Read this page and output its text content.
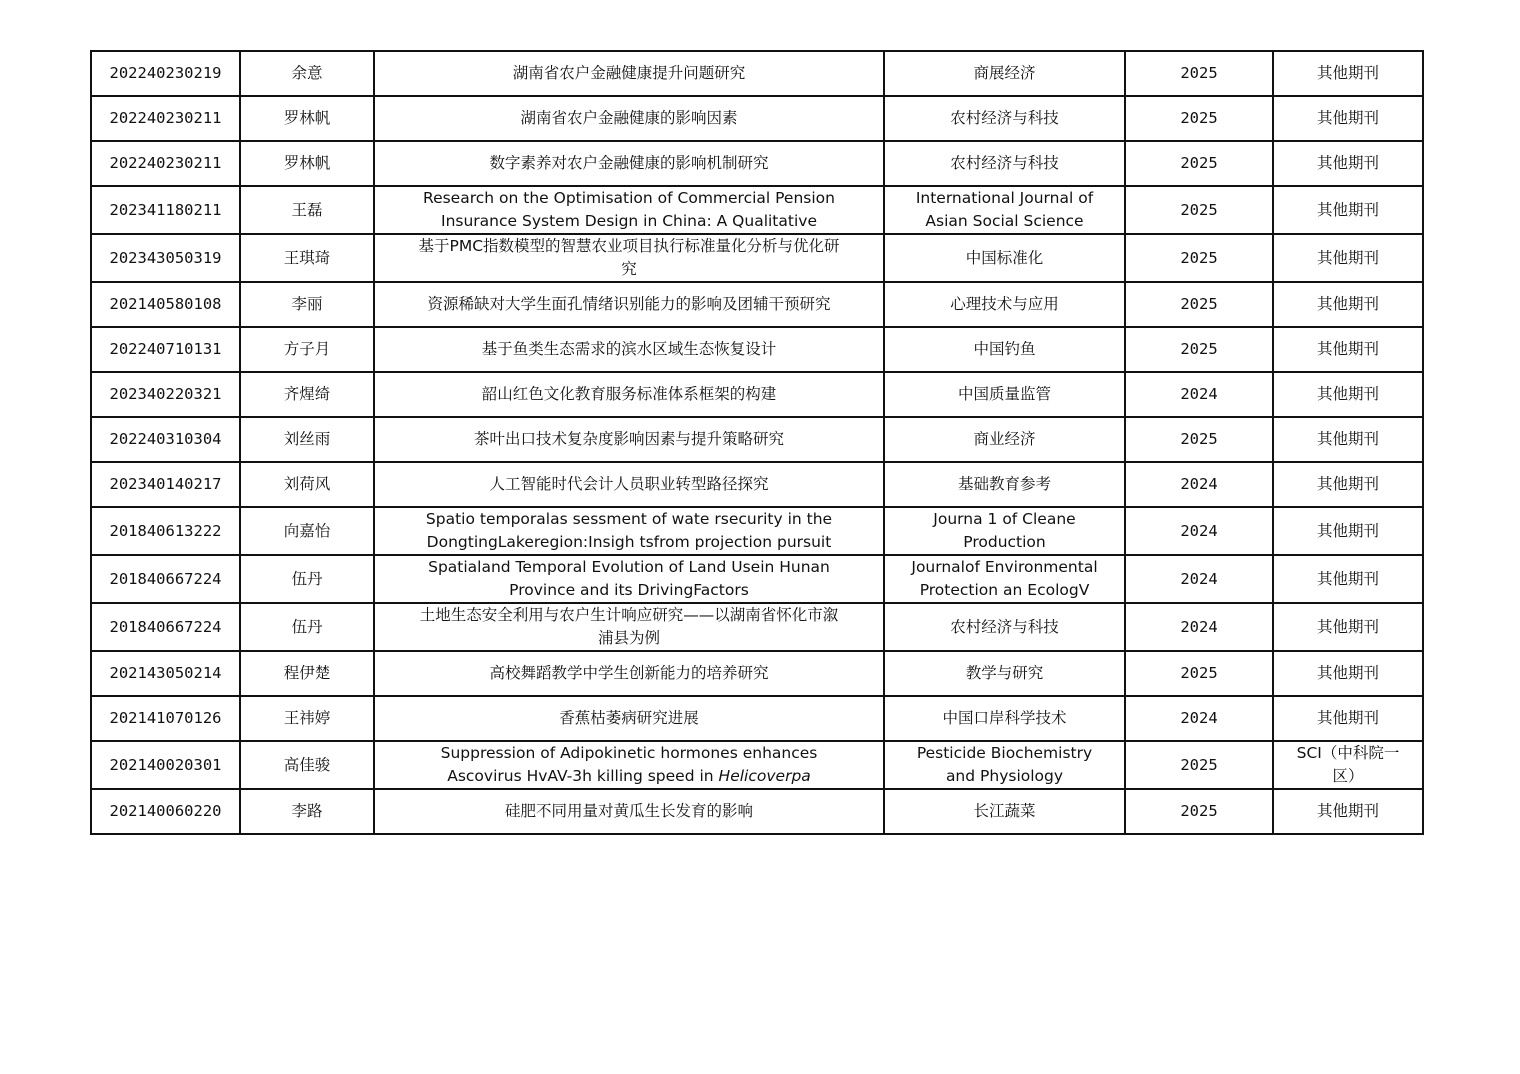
202240230219	余意	湖南省农户金融健康提升问题研究	商展经济	2025	其他期刊

202240230211	罗林帆	湖南省农户金融健康的影响因素	农村经济与科技	2025	其他期刊

202240230211	罗林帆	数字素养对农户金融健康的影响机制研究	农村经济与科技	2025	其他期刊

202341180211	王磊	Research on the Optimisation of Commercial Pension
Insurance System Design in China: A Qualitative	International Journal of
Asian Social Science	2025	其他期刊

202343050319	王琪琦	基于PMC指数模型的智慧农业项目执行标准量化分析与优化研
究	中国标准化	2025	其他期刊

202140580108	李丽	资源稀缺对大学生面孔情绪识别能力的影响及团辅干预研究	心理技术与应用	2025	其他期刊

202240710131	方子月	基于鱼类生态需求的滨水区域生态恢复设计	中国钓鱼	2025	其他期刊

202340220321	齐煋绮	韶山红色文化教育服务标准体系框架的构建	中国质量监管	2024	其他期刊

202240310304	刘丝雨	茶叶出口技术复杂度影响因素与提升策略研究	商业经济	2025	其他期刊

202340140217	刘荷风	人工智能时代会计人员职业转型路径探究	基础教育参考	2024	其他期刊

201840613222	向嘉怡	Spatio temporalas sessment of wate rsecurity in the
DongtingLakeregion:Insigh tsfrom projection pursuit	Journa 1 of Cleane
Production	2024	其他期刊

201840667224	伍丹	Spatialand Temporal Evolution of Land Usein Hunan
Province and its DrivingFactors	Journalof Environmental
Protection an EcologV	2024	其他期刊

201840667224	伍丹	土地生态安全利用与农户生计响应研究——以湖南省怀化市溆
浦县为例	农村经济与科技	2024	其他期刊

202143050214	程伊楚	高校舞蹈教学中学生创新能力的培养研究	教学与研究	2025	其他期刊

202141070126	王祎婷	香蕉枯萎病研究进展	中国口岸科学技术	2024	其他期刊

202140020301	高佳骏	Suppression of Adipokinetic hormones enhances
Ascovirus HvAV-3h killing speed in Helicoverpa	Pesticide Biochemistry
and Physiology	2025	SCI（中科院一
区）

202140060220	李路	硅肥不同用量对黄瓜生长发育的影响	长江蔬菜	2025	其他期刊
